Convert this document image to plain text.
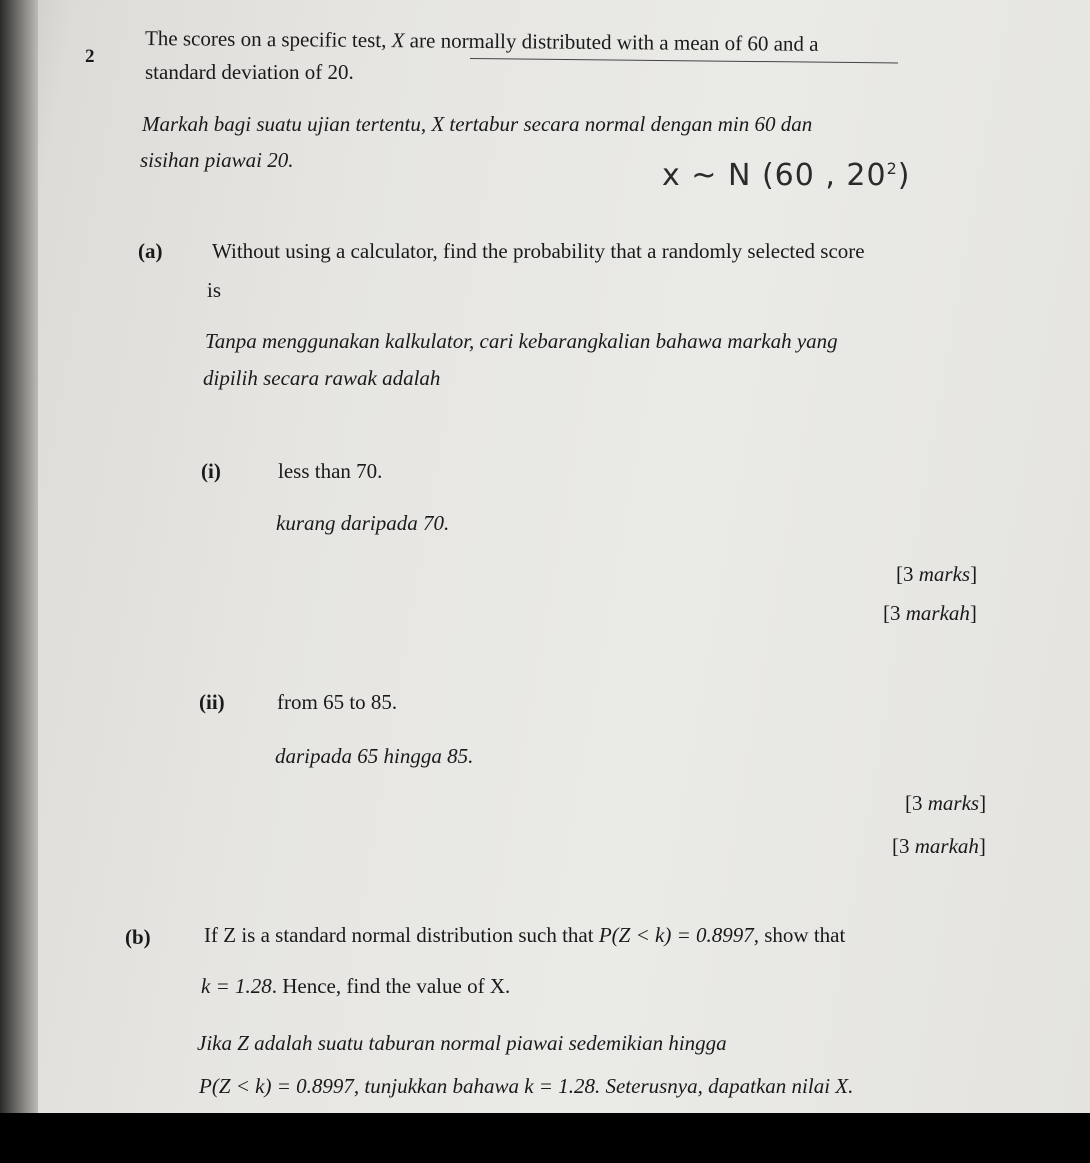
2
The scores on a specific test, X are normally distributed with a mean of 60 and a
standard deviation of 20.
Markah bagi suatu ujian tertentu, X tertabur secara normal dengan min 60 dan
sisihan piawai 20.	x ~ N (60 , $20^2$)
(a) Without using a calculator, find the probability that a randomly selected score
is
Tanpa menggunakan kalkulator, cari kebarangkalian bahawa markah yang
dipilih secara rawak adalah
(i)	less than 70.
kurang daripada 70.
[3 marks]
[3 markah]
(ii) from 65 to 85.
daripada 65 hingga 85.
[3 marks]
[3 markah]
(b)	If Z is a standard normal distribution such that P(Z < k) = 0.8997, show that
k = 1.28. Hence, find the value of X.
Jika Z adalah suatu taburan normal piawai sedemikian hingga
P(Z < k) = 0.8997, tunjukkan bahawa k = 1.28. Seterusnya, dapatkan nilai X.
